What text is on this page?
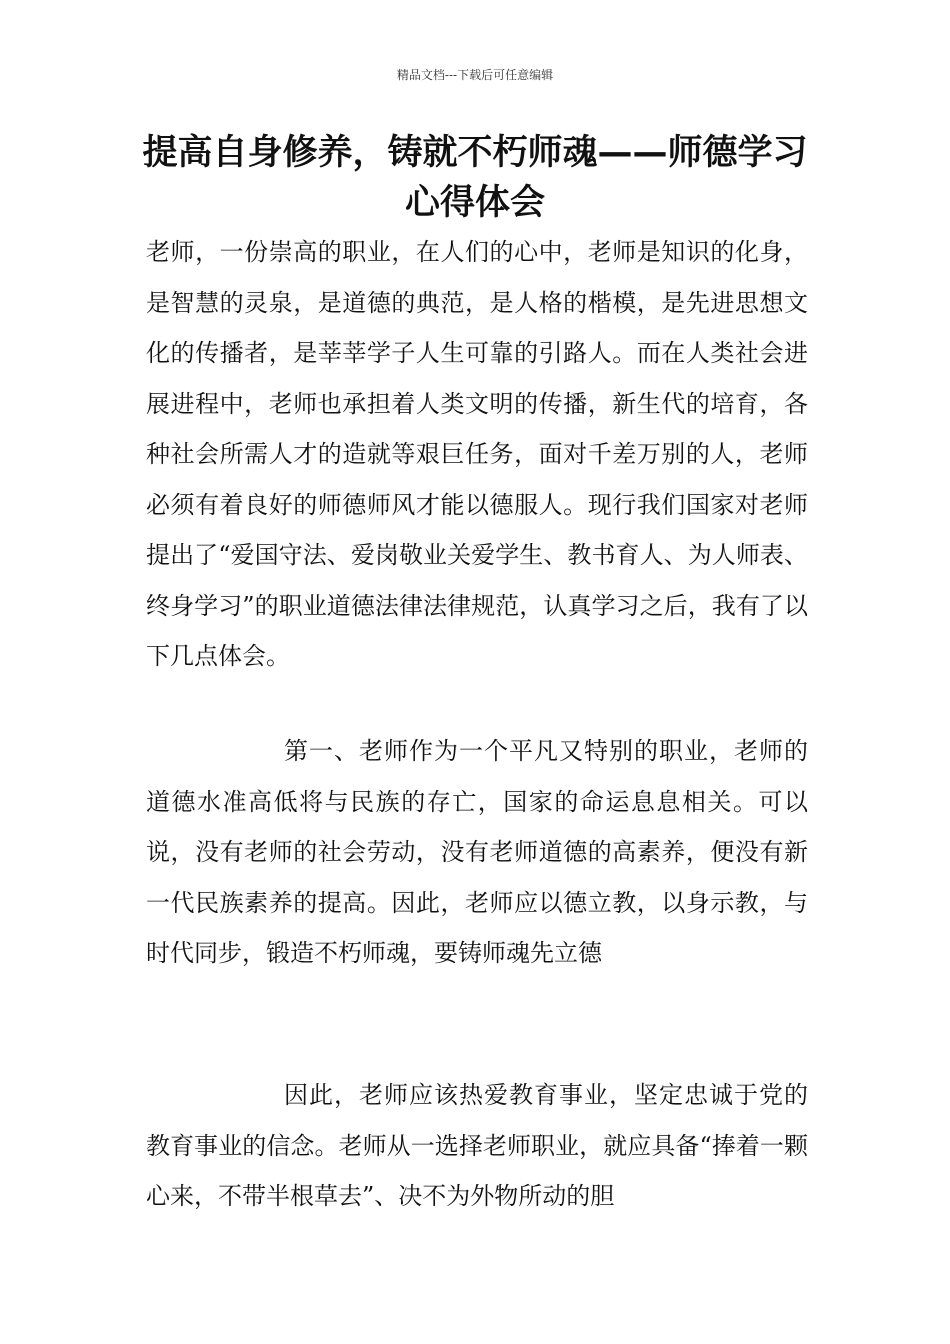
精品文档---下载后可任意编辑
提高自身修养，铸就不朽师魂——师德学习心得体会

老师，一份崇高的职业，在人们的心中，老师是知识的化身，是智慧的灵泉，是道德的典范，是人格的楷模，是先进思想文化的传播者，是莘莘学子人生可靠的引路人。而在人类社会进展进程中，老师也承担着人类文明的传播，新生代的培育，各种社会所需人才的造就等艰巨任务，面对千差万别的人，老师必须有着良好的师德师风才能以德服人。现行我们国家对老师提出了“爱国守法、爱岗敬业关爱学生、教书育人、为人师表、终身学习”的职业道德法律法律规范，认真学习之后，我有了以下几点体会。

第一、老师作为一个平凡又特别的职业，老师的道德水准高低将与民族的存亡，国家的命运息息相关。可以说，没有老师的社会劳动，没有老师道德的高素养，便没有新一代民族素养的提高。因此，老师应以德立教，以身示教，与时代同步，锻造不朽师魂，要铸师魂先立德

因此，老师应该热爱教育事业，坚定忠诚于党的教育事业的信念。老师从一选择老师职业，就应具备“捧着一颗心来，不带半根草去”、决不为外物所动的胆
